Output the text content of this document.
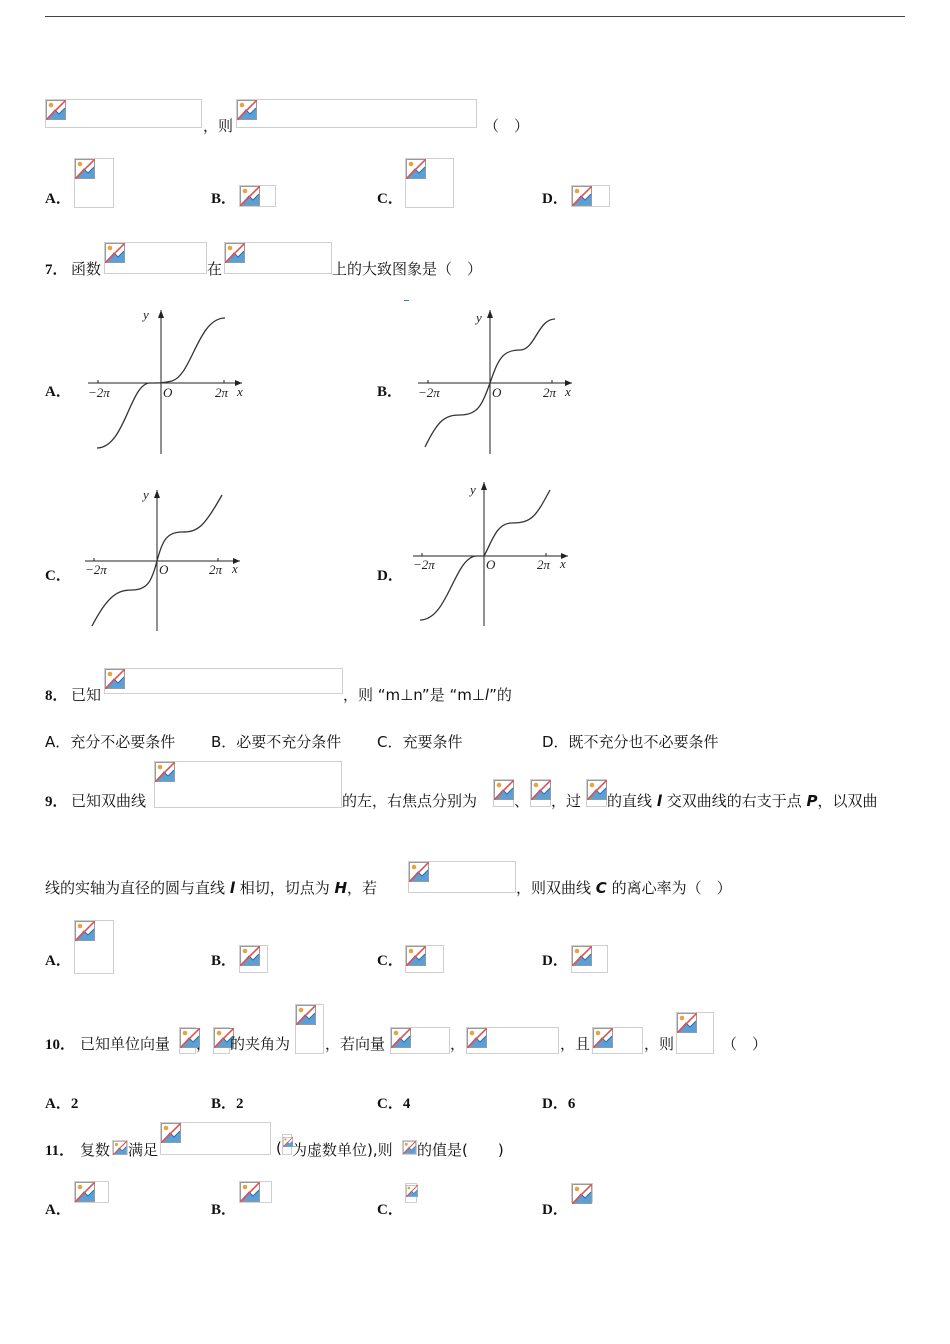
，则	（　）
A．	B．	C．	D．
7． 函数	在	上的大致图象是（　）
A．
y
x
O
−2π	2π	B．
y
x
O
−2π	2π
C．
y
x
O
−2π	2π	D．
y
x
O
−2π	2π
8． 已知	，则 “m⊥n”是 “m⊥l”的
A．充分不必要条件 B．必要不充分条件 C．充要条件	D．既不充分也不必要条件
9． 已知双曲线	的左，右焦点分别为 、 ，过 的直线 l 交双曲线的右支于点 P，以双曲
线的实轴为直径的圆与直线 l 相切，切点为 H，若	，则双曲线 C 的离心率为（　）
A．	B．	C．	D．
10． 已知单位向量 ， 的夹角为 ，若向量	，	，且	，则	（　）
A．2	B．2	C．4	D．6
11． 复数 满足	( 为虚数单位),则 的值是(　　)
A．	B．	C．	D．
